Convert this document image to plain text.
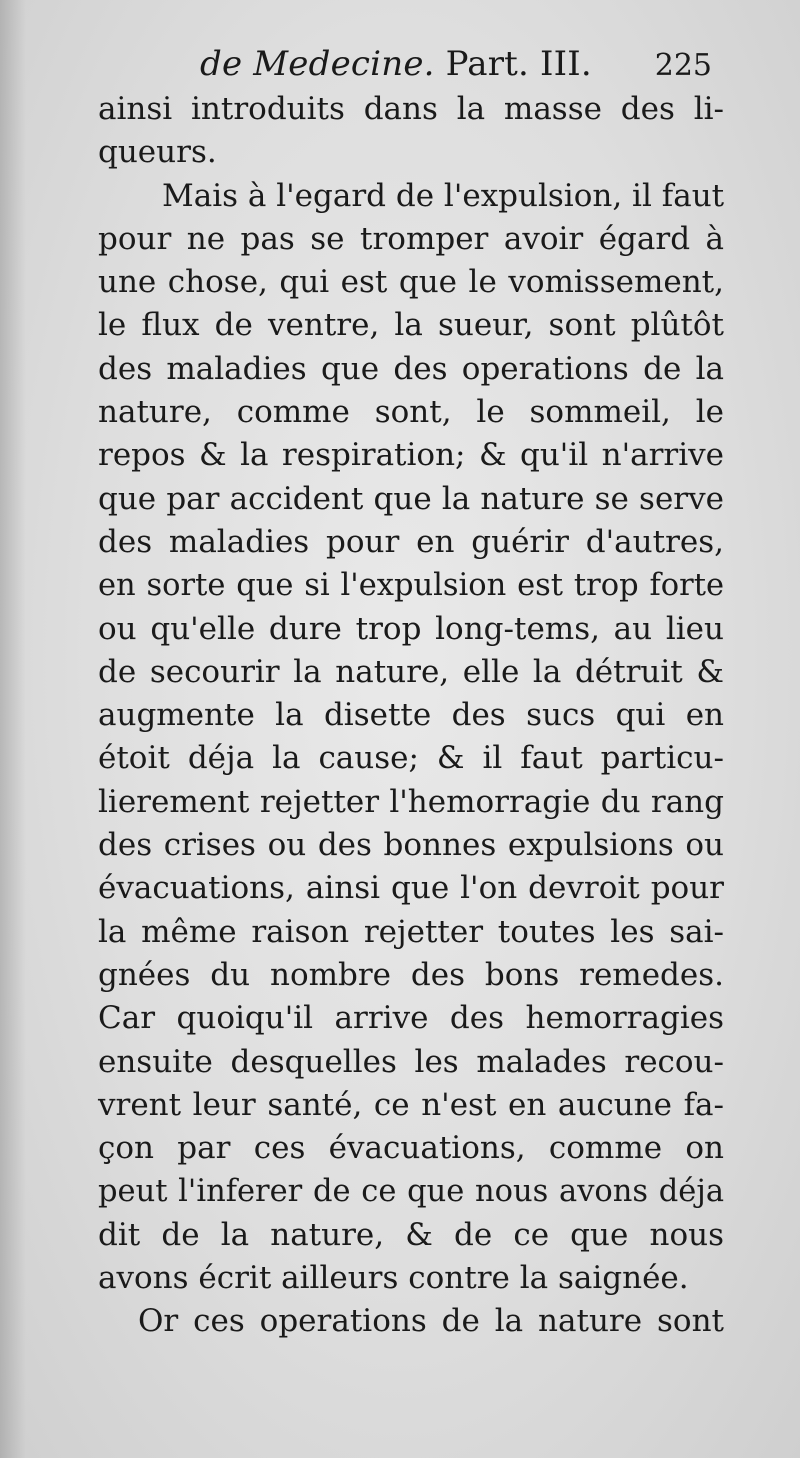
de Medecine. Part. III. 225
ainsi introduits dans la masse des li-
queurs.
Mais à l'egard de l'expulsion, il faut
pour ne pas se tromper avoir égard à
une chose, qui est que le vomissement,
le flux de ventre, la sueur, sont plûtôt
des maladies que des operations de la
nature, comme sont, le sommeil, le
repos & la respiration; & qu'il n'arrive
que par accident que la nature se serve
des maladies pour en guérir d'autres,
en sorte que si l'expulsion est trop forte
ou qu'elle dure trop long-tems, au lieu
de secourir la nature, elle la détruit &
augmente la disette des sucs qui en
étoit déja la cause; & il faut particu-
lierement rejetter l'hemorragie du rang
des crises ou des bonnes expulsions ou
évacuations, ainsi que l'on devroit pour
la même raison rejetter toutes les sai-
gnées du nombre des bons remedes.
Car quoiqu'il arrive des hemorragies
ensuite desquelles les malades recou-
vrent leur santé, ce n'est en aucune fa-
çon par ces évacuations, comme on
peut l'inferer de ce que nous avons déja
dit de la nature, & de ce que nous
avons écrit ailleurs contre la saignée.
Or ces operations de la nature sont
